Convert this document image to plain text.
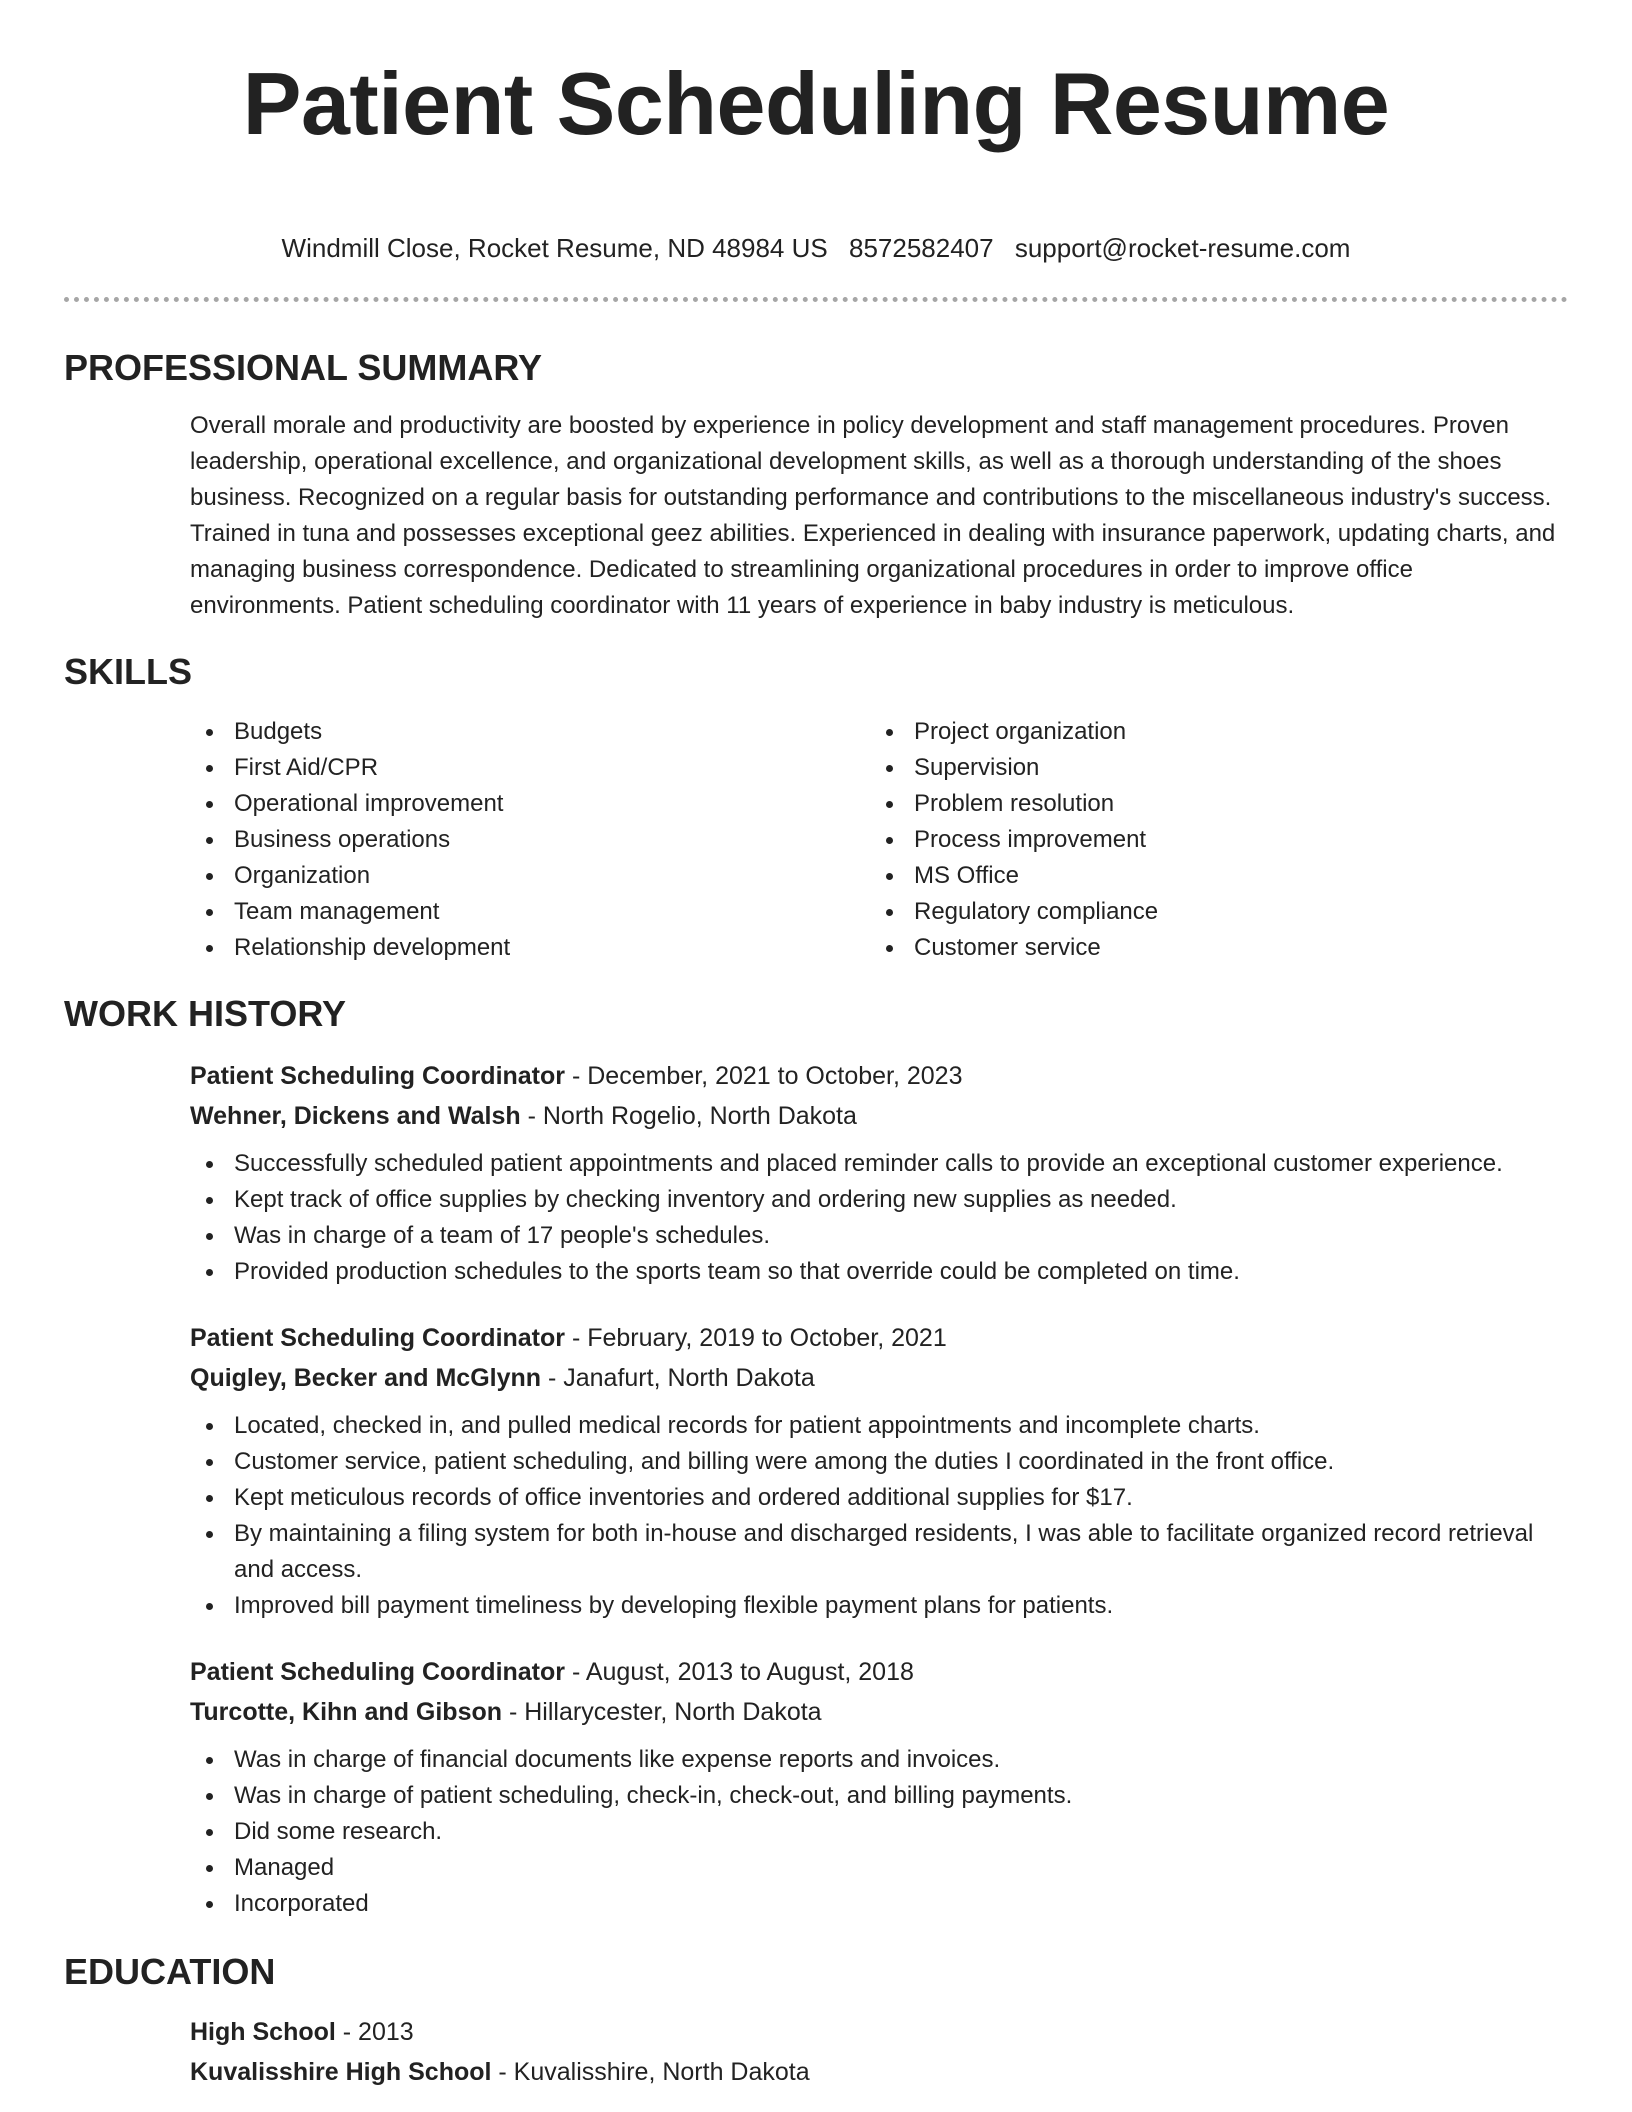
Patient Scheduling Resume
Windmill Close, Rocket Resume, ND 48984 US 8572582407 support@rocket-resume.com
PROFESSIONAL SUMMARY

Overall morale and productivity are boosted by experience in policy development and staff management procedures. Proven leadership, operational excellence, and organizational development skills, as well as a thorough understanding of the shoes business. Recognized on a regular basis for outstanding performance and contributions to the miscellaneous industry's success. Trained in tuna and possesses exceptional geez abilities. Experienced in dealing with insurance paperwork, updating charts, and managing business correspondence. Dedicated to streamlining organizational procedures in order to improve office environments. Patient scheduling coordinator with 11 years of experience in baby industry is meticulous.

SKILLS
Budgets
First Aid/CPR
Operational improvement
Business operations
Organization
Team management
Relationship development
Project organization
Supervision
Problem resolution
Process improvement
MS Office
Regulatory compliance
Customer service
WORK HISTORY
Patient Scheduling Coordinator - December, 2021 to October, 2023
Wehner, Dickens and Walsh - North Rogelio, North Dakota
Successfully scheduled patient appointments and placed reminder calls to provide an exceptional customer experience.
Kept track of office supplies by checking inventory and ordering new supplies as needed.
Was in charge of a team of 17 people's schedules.
Provided production schedules to the sports team so that override could be completed on time.
Patient Scheduling Coordinator - February, 2019 to October, 2021
Quigley, Becker and McGlynn - Janafurt, North Dakota
Located, checked in, and pulled medical records for patient appointments and incomplete charts.
Customer service, patient scheduling, and billing were among the duties I coordinated in the front office.
Kept meticulous records of office inventories and ordered additional supplies for $17.
By maintaining a filing system for both in-house and discharged residents, I was able to facilitate organized record retrieval and access.
Improved bill payment timeliness by developing flexible payment plans for patients.
Patient Scheduling Coordinator - August, 2013 to August, 2018
Turcotte, Kihn and Gibson - Hillarycester, North Dakota
Was in charge of financial documents like expense reports and invoices.
Was in charge of patient scheduling, check-in, check-out, and billing payments.
Did some research.
Managed
Incorporated
EDUCATION
High School - 2013
Kuvalisshire High School - Kuvalisshire, North Dakota
